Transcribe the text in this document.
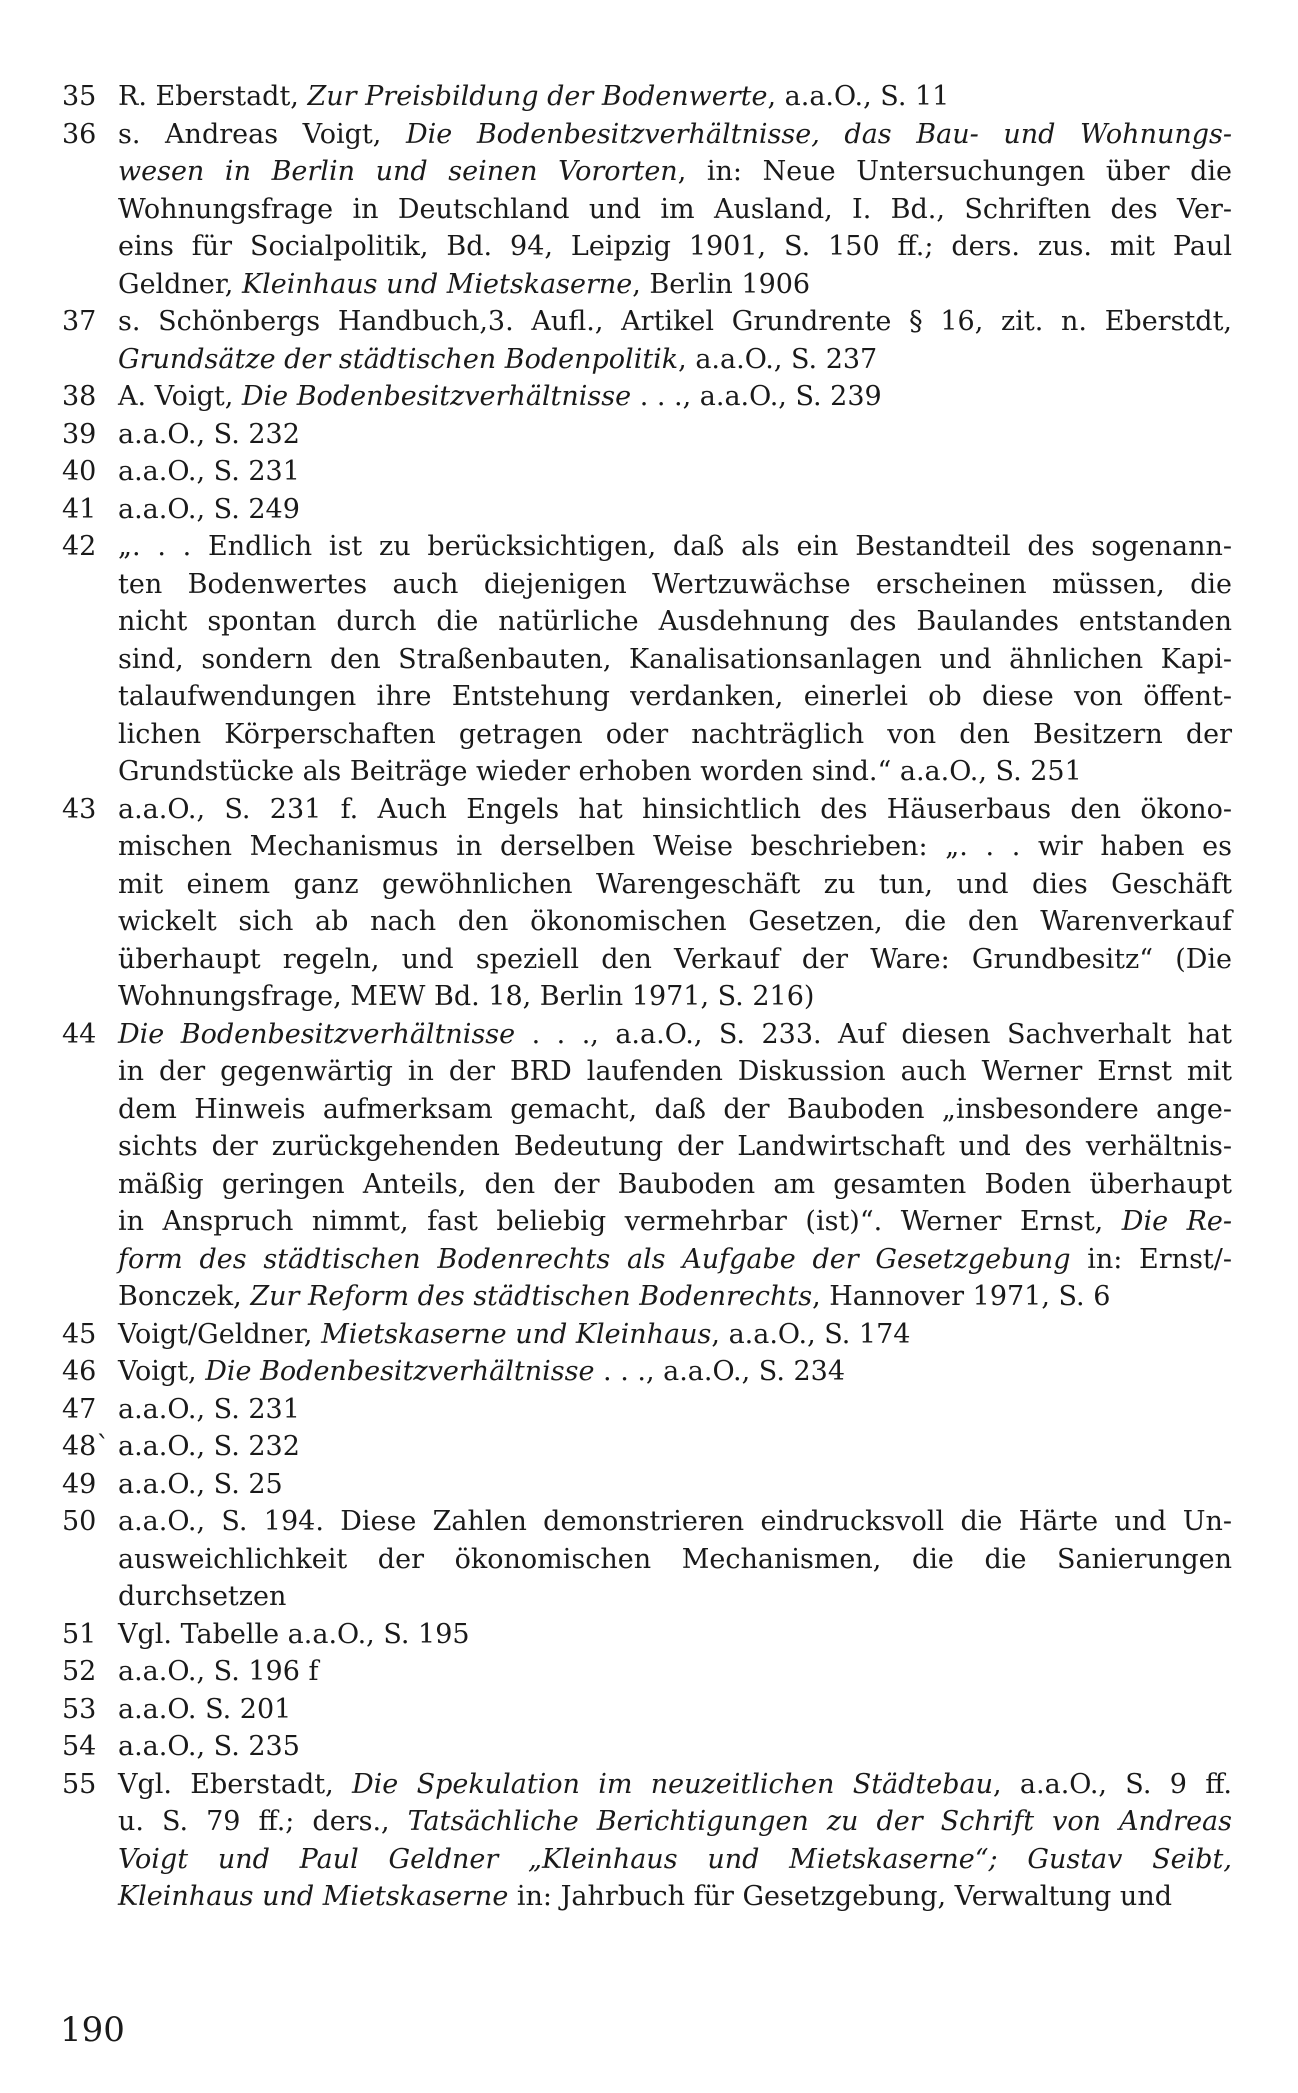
35 R. Eberstadt, Zur Preisbildung der Bodenwerte, a.a.O., S. 11
36 s. Andreas Voigt, Die Bodenbesitzverhältnisse, das Bau- und Wohnungs-
wesen in Berlin und seinen Vororten, in: Neue Untersuchungen über die
Wohnungsfrage in Deutschland und im Ausland, I. Bd., Schriften des Ver-
eins für Socialpolitik, Bd. 94, Leipzig 1901, S. 150 ff.; ders. zus. mit Paul
Geldner, Kleinhaus und Mietskaserne, Berlin 1906
37 s. Schönbergs Handbuch,3. Aufl., Artikel Grundrente § 16, zit. n. Eberstdt,
Grundsätze der städtischen Bodenpolitik, a.a.O., S. 237
38 A. Voigt, Die Bodenbesitzverhältnisse . . ., a.a.O., S. 239
39 a.a.O., S. 232
40 a.a.O., S. 231
41 a.a.O., S. 249
42 „. . . Endlich ist zu berücksichtigen, daß als ein Bestandteil des sogenann-
ten Bodenwertes auch diejenigen Wertzuwächse erscheinen müssen, die
nicht spontan durch die natürliche Ausdehnung des Baulandes entstanden
sind, sondern den Straßenbauten, Kanalisationsanlagen und ähnlichen Kapi-
talaufwendungen ihre Entstehung verdanken, einerlei ob diese von öffent-
lichen Körperschaften getragen oder nachträglich von den Besitzern der
Grundstücke als Beiträge wieder erhoben worden sind.“ a.a.O., S. 251
43 a.a.O., S. 231 f. Auch Engels hat hinsichtlich des Häuserbaus den ökono-
mischen Mechanismus in derselben Weise beschrieben: „. . . wir haben es
mit einem ganz gewöhnlichen Warengeschäft zu tun, und dies Geschäft
wickelt sich ab nach den ökonomischen Gesetzen, die den Warenverkauf
überhaupt regeln, und speziell den Verkauf der Ware: Grundbesitz“ (Die
Wohnungsfrage, MEW Bd. 18, Berlin 1971, S. 216)
44 Die Bodenbesitzverhältnisse . . ., a.a.O., S. 233. Auf diesen Sachverhalt hat
in der gegenwärtig in der BRD laufenden Diskussion auch Werner Ernst mit
dem Hinweis aufmerksam gemacht, daß der Bauboden „insbesondere ange-
sichts der zurückgehenden Bedeutung der Landwirtschaft und des verhältnis-
mäßig geringen Anteils, den der Bauboden am gesamten Boden überhaupt
in Anspruch nimmt, fast beliebig vermehrbar (ist)“. Werner Ernst, Die Re-
form des städtischen Bodenrechts als Aufgabe der Gesetzgebung in: Ernst/-
Bonczek, Zur Reform des städtischen Bodenrechts, Hannover 1971, S. 6
45 Voigt/Geldner, Mietskaserne und Kleinhaus, a.a.O., S. 174
46 Voigt, Die Bodenbesitzverhältnisse . . ., a.a.O., S. 234
47 a.a.O., S. 231
48` a.a.O., S. 232
49 a.a.O., S. 25
50 a.a.O., S. 194. Diese Zahlen demonstrieren eindrucksvoll die Härte und Un-
ausweichlichkeit der ökonomischen Mechanismen, die die Sanierungen
durchsetzen
51 Vgl. Tabelle a.a.O., S. 195
52 a.a.O., S. 196 f
53 a.a.O. S. 201
54 a.a.O., S. 235
55 Vgl. Eberstadt, Die Spekulation im neuzeitlichen Städtebau, a.a.O., S. 9 ff.
u. S. 79 ff.; ders., Tatsächliche Berichtigungen zu der Schrift von Andreas
Voigt und Paul Geldner „Kleinhaus und Mietskaserne“; Gustav Seibt,
Kleinhaus und Mietskaserne in: Jahrbuch für Gesetzgebung, Verwaltung und
190
